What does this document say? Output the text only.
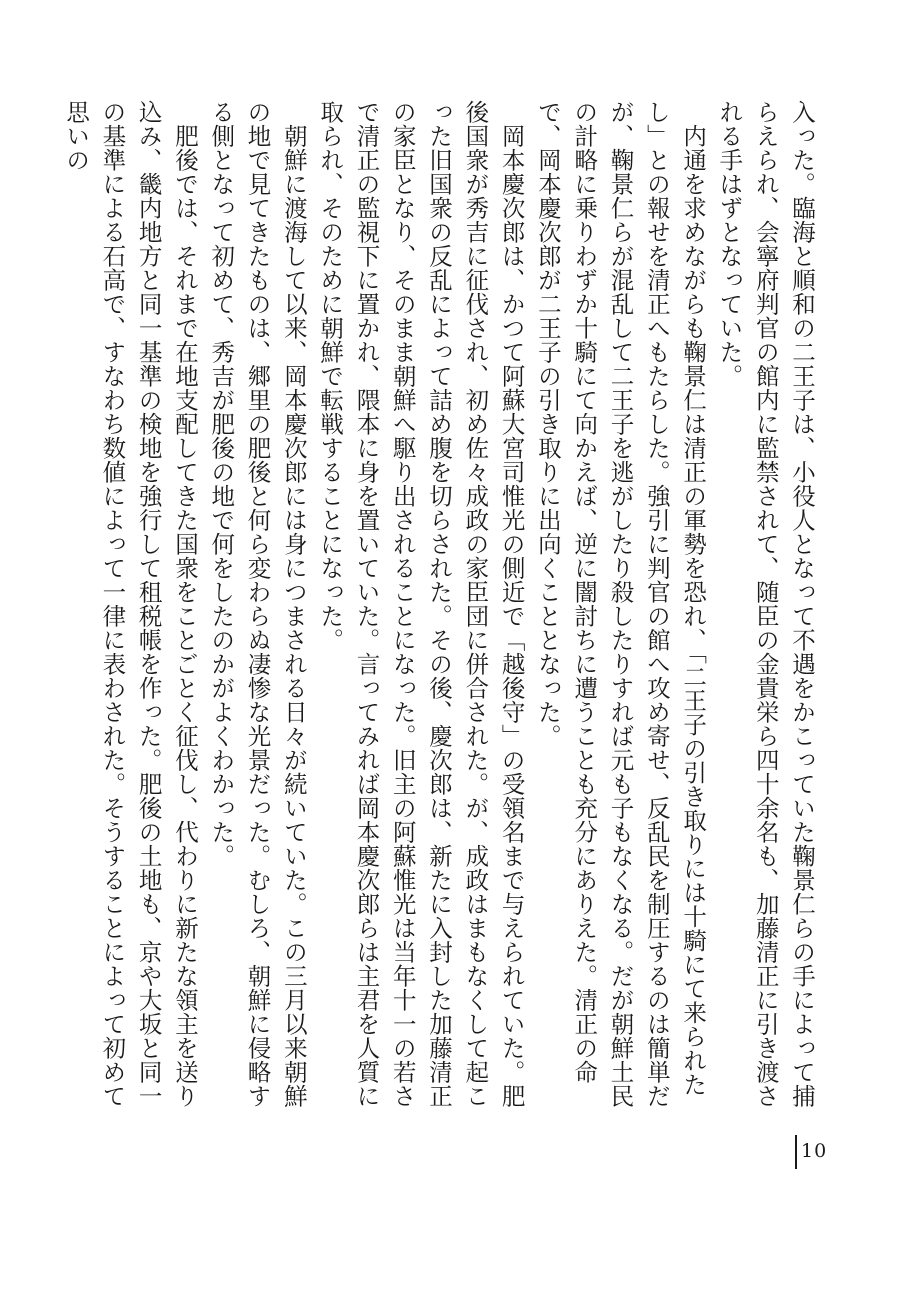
入った。臨海と順和の二王子は、小役人となって不遇をかこっていた鞠景仁らの手によって捕らえられ、会寧府判官の館内に監禁されて、随臣の金貴栄ら四十余名も、加藤清正に引き渡される手はずとなっていた。

内通を求めながらも鞠景仁は清正の軍勢を恐れ、「二王子の引き取りには十騎にて来られたし」との報せを清正へもたらした。強引に判官の館へ攻め寄せ、反乱民を制圧するのは簡単だが、鞠景仁らが混乱して二王子を逃がしたり殺したりすれば元も子もなくなる。だが朝鮮土民の計略に乗りわずか十騎にて向かえば、逆に闇討ちに遭うことも充分にありえた。清正の命で、岡本慶次郎が二王子の引き取りに出向くこととなった。

岡本慶次郎は、かつて阿蘇大宮司惟光の側近で「越後守」の受領名まで与えられていた。肥後国衆が秀吉に征伐され、初め佐々成政の家臣団に併合された。が、成政はまもなくして起こった旧国衆の反乱によって詰め腹を切らされた。その後、慶次郎は、新たに入封した加藤清正の家臣となり、そのまま朝鮮へ駆り出されることになった。旧主の阿蘇惟光は当年十一の若さで清正の監視下に置かれ、隈本に身を置いていた。言ってみれば岡本慶次郎らは主君を人質に取られ、そのために朝鮮で転戦することになった。

朝鮮に渡海して以来、岡本慶次郎には身につまされる日々が続いていた。この三月以来朝鮮の地で見てきたものは、郷里の肥後と何ら変わらぬ凄惨な光景だった。むしろ、朝鮮に侵略する側となって初めて、秀吉が肥後の地で何をしたのかがよくわかった。

肥後では、それまで在地支配してきた国衆をことごとく征伐し、代わりに新たな領主を送り込み、畿内地方と同一基準の検地を強行して租税帳を作った。肥後の土地も、京や大坂と同一の基準による石高で、すなわち数値によって一律に表わされた。そうすることによって初めて思いの

10
